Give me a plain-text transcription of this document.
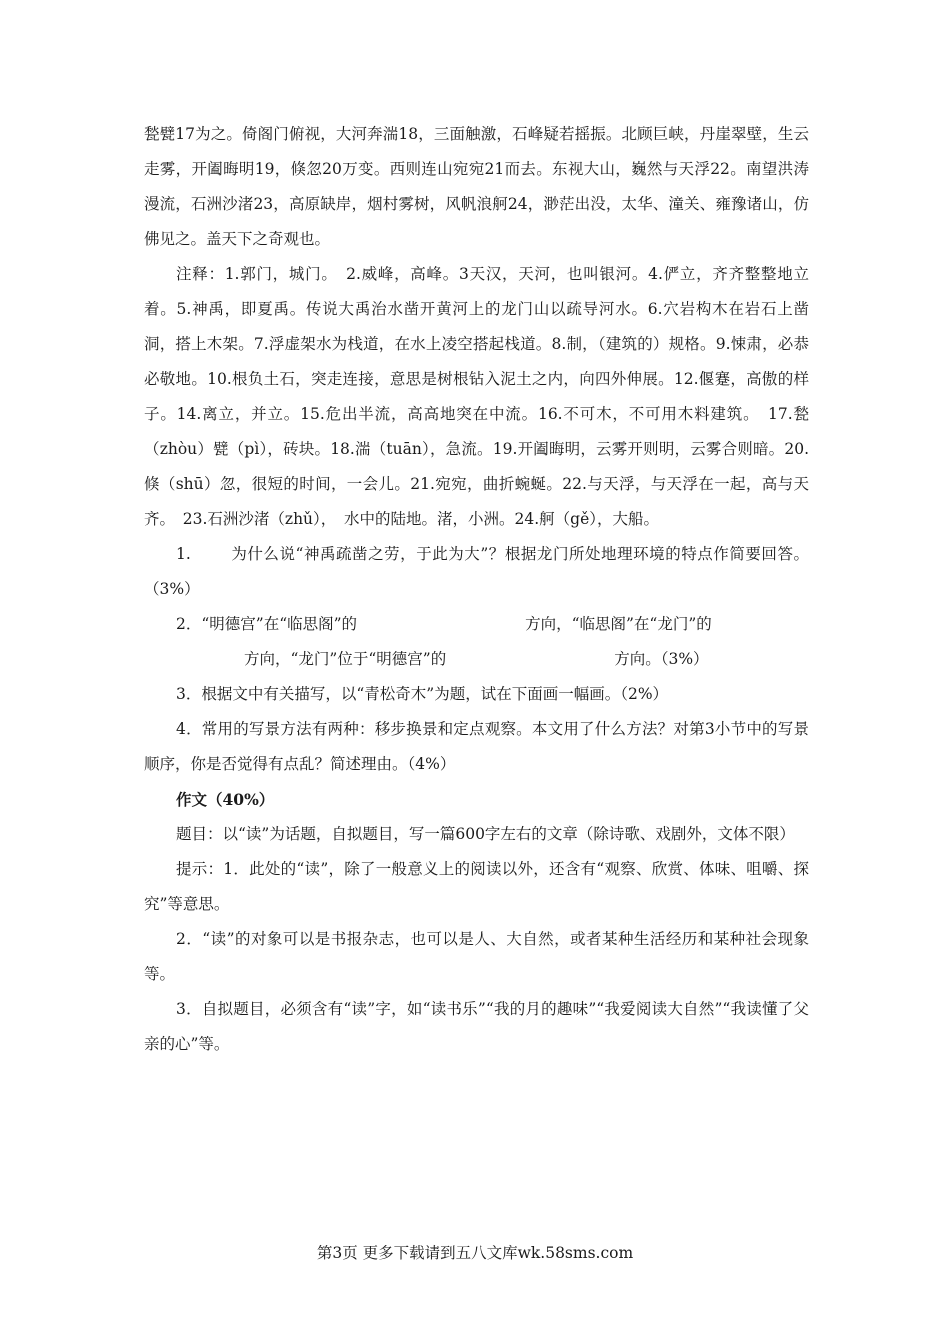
甃甓17为之。倚阁门俯视，大河奔湍18，三面触激，石峰疑若摇振。北顾巨峡，丹崖翠壁，生云走雾，开阖晦明19，倏忽20万变。西则连山宛宛21而去。东视大山，巍然与天浮22。南望洪涛漫流，石洲沙渚23，高原缺岸，烟村雾树，风帆浪舸24，渺茫出没，太华、潼关、雍豫诸山，仿佛见之。盖天下之奇观也。

注释：1.郭门，城门。　2.威峰，高峰。3天汉，天河，也叫银河。4.俨立，齐齐整整地立着。5.神禹，即夏禹。传说大禹治水凿开黄河上的龙门山以疏导河水。6.穴岩构木在岩石上凿洞，搭上木架。7.浮虚架水为栈道，在水上凌空搭起栈道。8.制，（建筑的）规格。9.悚肃，必恭必敬地。10.根负土石，突走连接，意思是树根钻入泥土之内，向四外伸展。12.偃蹇，高傲的样子。14.离立，并立。15.危出半流，高高地突在中流。16.不可木，不可用木料建筑。　17.甃（zhòu）甓（pì），砖块。18.湍（tuān），急流。19.开阖晦明，云雾开则明，云雾合则暗。20.倏（shū）忽，很短的时间，一会儿。21.宛宛，曲折蜿蜒。22.与天浮，与天浮在一起，高与天齐。　23.石洲沙渚（zhǔ），　水中的陆地。渚，小洲。24.舸（gě），大船。

1.	为什么说“神禹疏凿之劳，于此为大”？根据龙门所处地理环境的特点作简要回答。（3%）

2．“明德宫”在“临思阁”的	方向，“临思阁”在“龙门”的

方向，“龙门”位于“明德宫”的	方向。（3%）

3．根据文中有关描写，以“青松奇木”为题，试在下面画一幅画。（2%）

4．常用的写景方法有两种：移步换景和定点观察。本文用了什么方法？对第3小节中的写景顺序，你是否觉得有点乱？简述理由。（4%）

作文（40%）

题目：以“读”为话题，自拟题目，写一篇600字左右的文章（除诗歌、戏剧外，文体不限）

提示：1．此处的“读”，除了一般意义上的阅读以外，还含有“观察、欣赏、体味、咀嚼、探究”等意思。

2．“读”的对象可以是书报杂志，也可以是人、大自然，或者某种生活经历和某种社会现象等。

3．自拟题目，必须含有“读”字，如“读书乐”“我的月的趣味”“我爱阅读大自然”“我读懂了父亲的心”等。

第3页 更多下载请到五八文库wk.58sms.com
